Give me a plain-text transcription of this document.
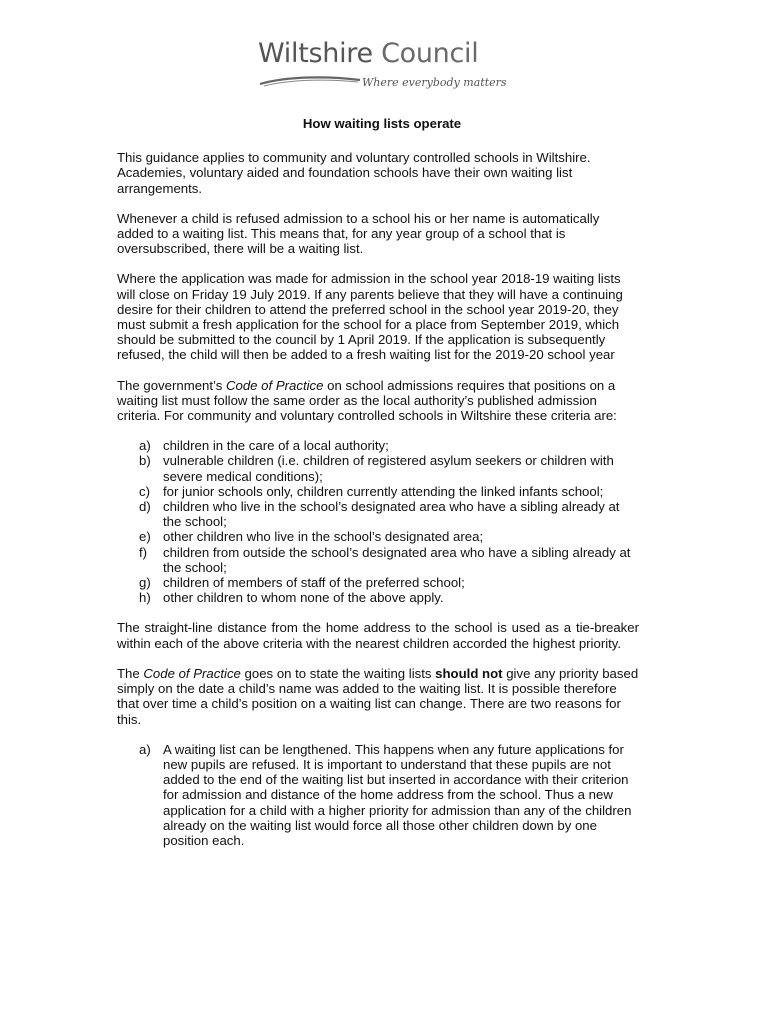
Wiltshire Council
Where everybody matters
How waiting lists operate

This guidance applies to community and voluntary controlled schools in Wiltshire. Academies, voluntary aided and foundation schools have their own waiting list arrangements.

Whenever a child is refused admission to a school his or her name is automatically added to a waiting list. This means that, for any year group of a school that is oversubscribed, there will be a waiting list.

Where the application was made for admission in the school year 2018-19 waiting lists will close on Friday 19 July 2019. If any parents believe that they will have a continuing desire for their children to attend the preferred school in the school year 2019-20, they must submit a fresh application for the school for a place from September 2019, which should be submitted to the council by 1 April 2019. If the application is subsequently refused, the child will then be added to a fresh waiting list for the 2019-20 school year

The government’s Code of Practice on school admissions requires that positions on a waiting list must follow the same order as the local authority’s published admission criteria. For community and voluntary controlled schools in Wiltshire these criteria are:

a) children in the care of a local authority;
b) vulnerable children (i.e. children of registered asylum seekers or children with severe medical conditions);
c) for junior schools only, children currently attending the linked infants school;
d) children who live in the school’s designated area who have a sibling already at the school;
e) other children who live in the school’s designated area;
f) children from outside the school’s designated area who have a sibling already at the school;
g) children of members of staff of the preferred school;
h) other children to whom none of the above apply.

The straight-line distance from the home address to the school is used as a tie-breaker within each of the above criteria with the nearest children accorded the highest priority.

The Code of Practice goes on to state the waiting lists should not give any priority based simply on the date a child’s name was added to the waiting list. It is possible therefore that over time a child’s position on a waiting list can change. There are two reasons for this.

a) A waiting list can be lengthened. This happens when any future applications for new pupils are refused. It is important to understand that these pupils are not added to the end of the waiting list but inserted in accordance with their criterion for admission and distance of the home address from the school. Thus a new application for a child with a higher priority for admission than any of the children already on the waiting list would force all those other children down by one position each.
